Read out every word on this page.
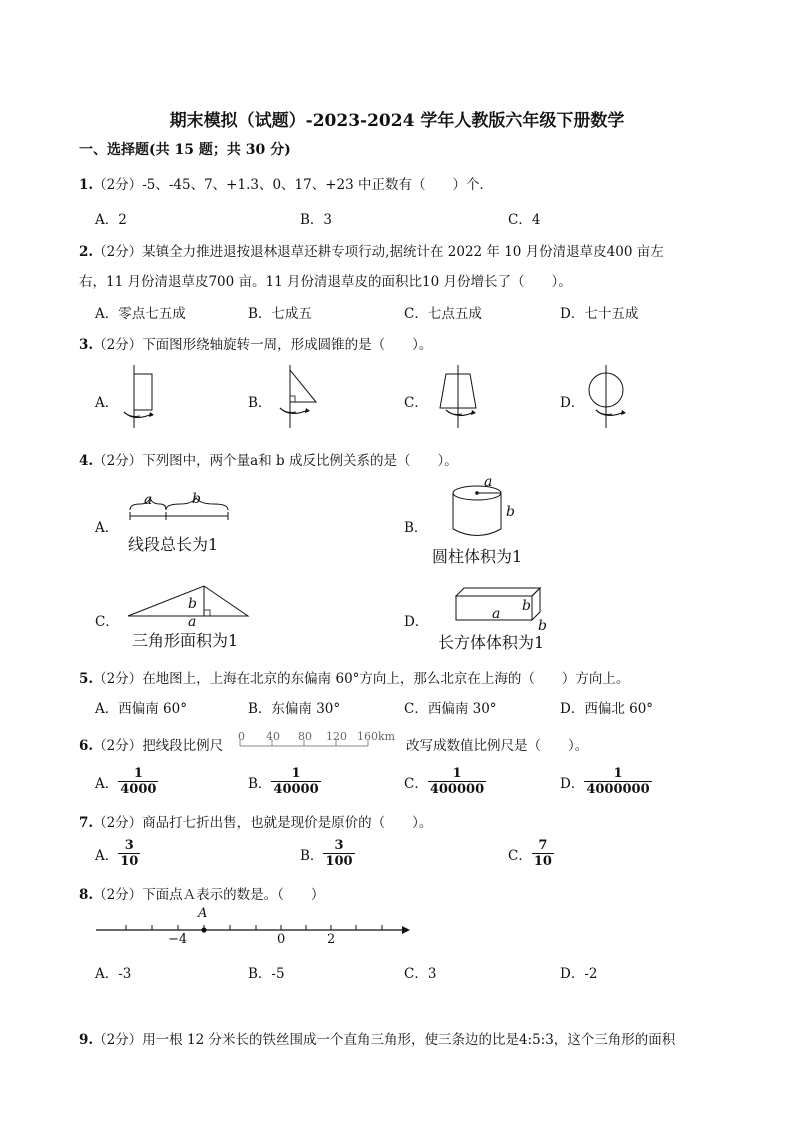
期末模拟（试题）-2023-2024 学年人教版六年级下册数学
一、选择题(共 15 题；共 30 分)
1.（2分）-5、-45、7、+1.3、0、17、+23 中正数有（　　）个．
A．2	B．3	C．4
2.（2分）某镇全力推进退按退林退草还耕专项行动,据统计在 2022 年 10 月份清退草皮400 亩左
右，11 月份清退草皮700 亩。11 月份清退草皮的面积比10 月份增长了（　　）。
A．零点七五成	B．七成五	C．七点五成	D．七十五成
3.（2分）下面图形绕轴旋转一周，形成圆锥的是（　　）。
A．	B．	C．	D．
4.（2分）下列图中，两个量a和 b 成反比例关系的是（　　）。
A．	B．
C．	D．
a	b
线段总长为1
a
b
圆柱体积为1
b
a
三角形面积为1
a b
b
长方体体积为1
5.（2分）在地图上，上海在北京的东偏南 60°方向上，那么北京在上海的（　　）方向上。
A．西偏南 60°	B．东偏南 30°	C．西偏南 30°	D．西偏北 60°
6.（2分）把线段比例尺
0 40 80 120 160km
改写成数值比例尺是（　　）。
A． $\frac{1}{4000}$	B． $\frac{1}{40000}$	C． $\frac{1}{400000}$	D． $\frac{1}{4000000}$
7.（2分）商品打七折出售，也就是现价是原价的（　　）。
A． $\frac{3}{10}$	B． $\frac{3}{100}$	C． $\frac{7}{10}$
8.（2分）下面点Ａ表示的数是。（　　）
A
−4	0	2
A．-3	B．-5	C．3	D．-2
9.（2分）用一根 12 分米长的铁丝围成一个直角三角形，使三条边的比是4:5:3，这个三角形的面积
